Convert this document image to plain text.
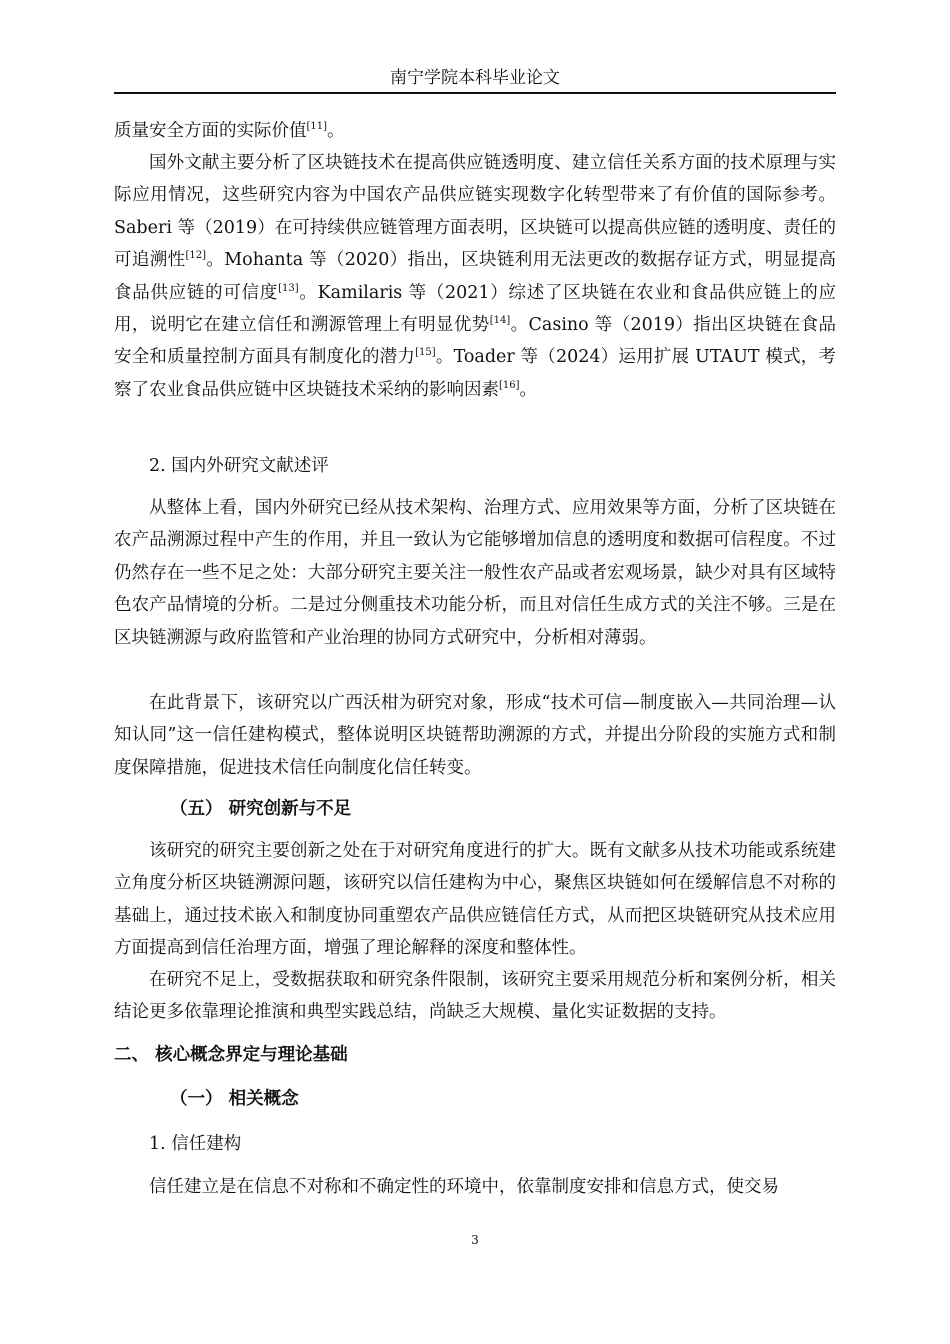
南宁学院本科毕业论文

质量安全方面的实际价值[11]。

国外文献主要分析了区块链技术在提高供应链透明度、建立信任关系方面的技术原理与实际应用情况，这些研究内容为中国农产品供应链实现数字化转型带来了有价值的国际参考。Saberi 等（2019）在可持续供应链管理方面表明，区块链可以提高供应链的透明度、责任的可追溯性[12]。Mohanta 等（2020）指出，区块链利用无法更改的数据存证方式，明显提高食品供应链的可信度[13]。Kamilaris 等（2021）综述了区块链在农业和食品供应链上的应用，说明它在建立信任和溯源管理上有明显优势[14]。Casino 等（2019）指出区块链在食品安全和质量控制方面具有制度化的潜力[15]。Toader 等（2024）运用扩展 UTAUT 模式，考察了农业食品供应链中区块链技术采纳的影响因素[16]。

2. 国内外研究文献述评

从整体上看，国内外研究已经从技术架构、治理方式、应用效果等方面，分析了区块链在农产品溯源过程中产生的作用，并且一致认为它能够增加信息的透明度和数据可信程度。不过仍然存在一些不足之处：大部分研究主要关注一般性农产品或者宏观场景，缺少对具有区域特色农产品情境的分析。二是过分侧重技术功能分析，而且对信任生成方式的关注不够。三是在区块链溯源与政府监管和产业治理的协同方式研究中，分析相对薄弱。

在此背景下，该研究以广西沃柑为研究对象，形成“技术可信—制度嵌入—共同治理—认知认同”这一信任建构模式，整体说明区块链帮助溯源的方式，并提出分阶段的实施方式和制度保障措施，促进技术信任向制度化信任转变。

（五） 研究创新与不足

该研究的研究主要创新之处在于对研究角度进行的扩大。既有文献多从技术功能或系统建立角度分析区块链溯源问题，该研究以信任建构为中心，聚焦区块链如何在缓解信息不对称的基础上，通过技术嵌入和制度协同重塑农产品供应链信任方式，从而把区块链研究从技术应用方面提高到信任治理方面，增强了理论解释的深度和整体性。

在研究不足上，受数据获取和研究条件限制，该研究主要采用规范分析和案例分析，相关结论更多依靠理论推演和典型实践总结，尚缺乏大规模、量化实证数据的支持。

二、 核心概念界定与理论基础
（一） 相关概念
1. 信任建构

信任建立是在信息不对称和不确定性的环境中，依靠制度安排和信息方式，使交易

3
